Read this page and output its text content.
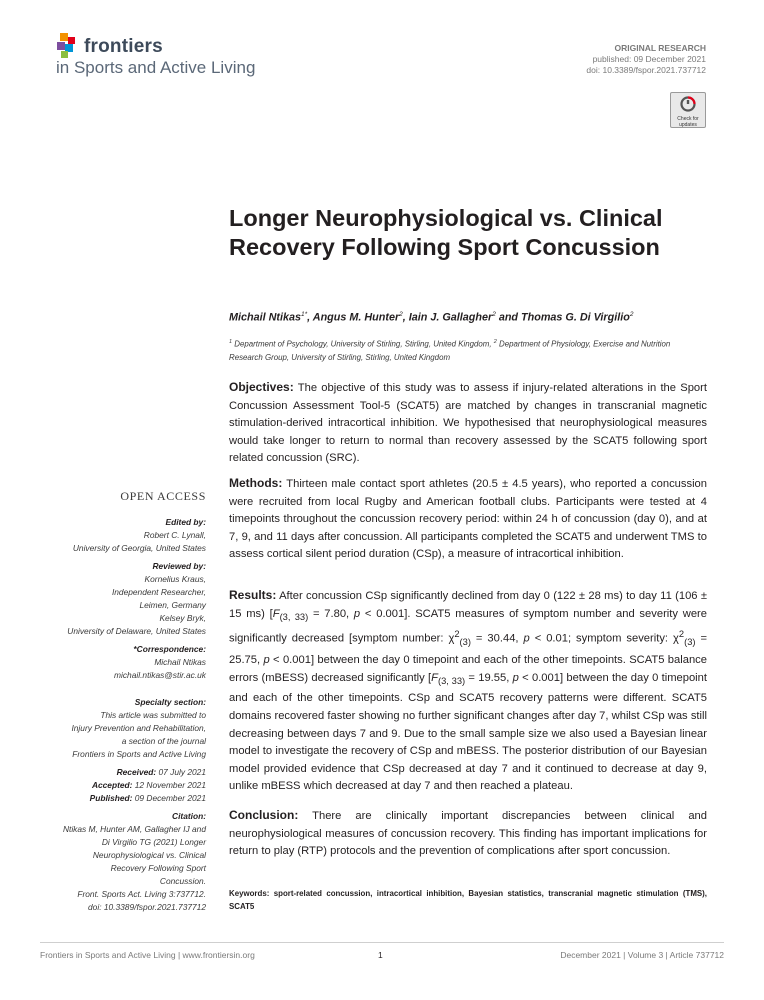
frontiers
in Sports and Active Living
ORIGINAL RESEARCH
published: 09 December 2021
doi: 10.3389/fspor.2021.737712
Check for
updates
Longer Neurophysiological vs. Clinical Recovery Following Sport Concussion
Michail Ntikas$^{1*}$, Angus M. Hunter$^2$, Iain J. Gallagher$^2$ and Thomas G. Di Virgilio$^2$
$^1$ Department of Psychology, University of Stirling, Stirling, United Kingdom, $^2$ Department of Physiology, Exercise and Nutrition Research Group, University of Stirling, Stirling, United Kingdom
Objectives: The objective of this study was to assess if injury-related alterations in the Sport Concussion Assessment Tool-5 (SCAT5) are matched by changes in transcranial magnetic stimulation-derived intracortical inhibition. We hypothesised that neurophysiological measures would take longer to return to normal than recovery assessed by the SCAT5 following sport related concussion (SRC).
Methods: Thirteen male contact sport athletes (20.5 ± 4.5 years), who reported a concussion were recruited from local Rugby and American football clubs. Participants were tested at 4 timepoints throughout the concussion recovery period: within 24 h of concussion (day 0), and at 7, 9, and 11 days after concussion. All participants completed the SCAT5 and underwent TMS to assess cortical silent period duration (CSp), a measure of intracortical inhibition.
Results: After concussion CSp significantly declined from day 0 (122 ± 28 ms) to day 11 (106 ± 15 ms) [$F_{(3, 33)} = 7.80$, p < 0.001]. SCAT5 measures of symptom number and severity were significantly decreased [symptom number: $\chi^2_{(3)} = 30.44$, p < 0.01; symptom severity: $\chi^2_{(3)} = 25.75$, p < 0.001] between the day 0 timepoint and each of the other timepoints. SCAT5 balance errors (mBESS) decreased significantly [$F_{(3, 33)} = 19.55$, p < 0.001] between the day 0 timepoint and each of the other timepoints. CSp and SCAT5 recovery patterns were different. SCAT5 domains recovered faster showing no further significant changes after day 7, whilst CSp was still decreasing between days 7 and 9. Due to the small sample size we also used a Bayesian linear model to investigate the recovery of CSp and mBESS. The posterior distribution of our Bayesian model provided evidence that CSp decreased at day 7 and it continued to decrease at day 9, unlike mBESS which decreased at day 7 and then reached a plateau.
Conclusion: There are clinically important discrepancies between clinical and neurophysiological measures of concussion recovery. This finding has important implications for return to play (RTP) protocols and the prevention of complications after sport concussion.
Keywords: sport-related concussion, intracortical inhibition, Bayesian statistics, transcranial magnetic stimulation (TMS), SCAT5
OPEN ACCESS
Edited by:
Robert C. Lynall,
University of Georgia, United States
Reviewed by:
Kornelius Kraus,
Independent Researcher,
Leimen, Germany
Kelsey Bryk,
University of Delaware, United States
*Correspondence:
Michail Ntikas
michail.ntikas@stir.ac.uk
Specialty section:
This article was submitted to
Injury Prevention and Rehabilitation,
a section of the journal
Frontiers in Sports and Active Living
Received: 07 July 2021
Accepted: 12 November 2021
Published: 09 December 2021
Citation:
Ntikas M, Hunter AM, Gallagher IJ and
Di Virgilio TG (2021) Longer
Neurophysiological vs. Clinical
Recovery Following Sport
Concussion.
Front. Sports Act. Living 3:737712.
doi: 10.3389/fspor.2021.737712
Frontiers in Sports and Active Living | www.frontiersin.org	1	December 2021 | Volume 3 | Article 737712
